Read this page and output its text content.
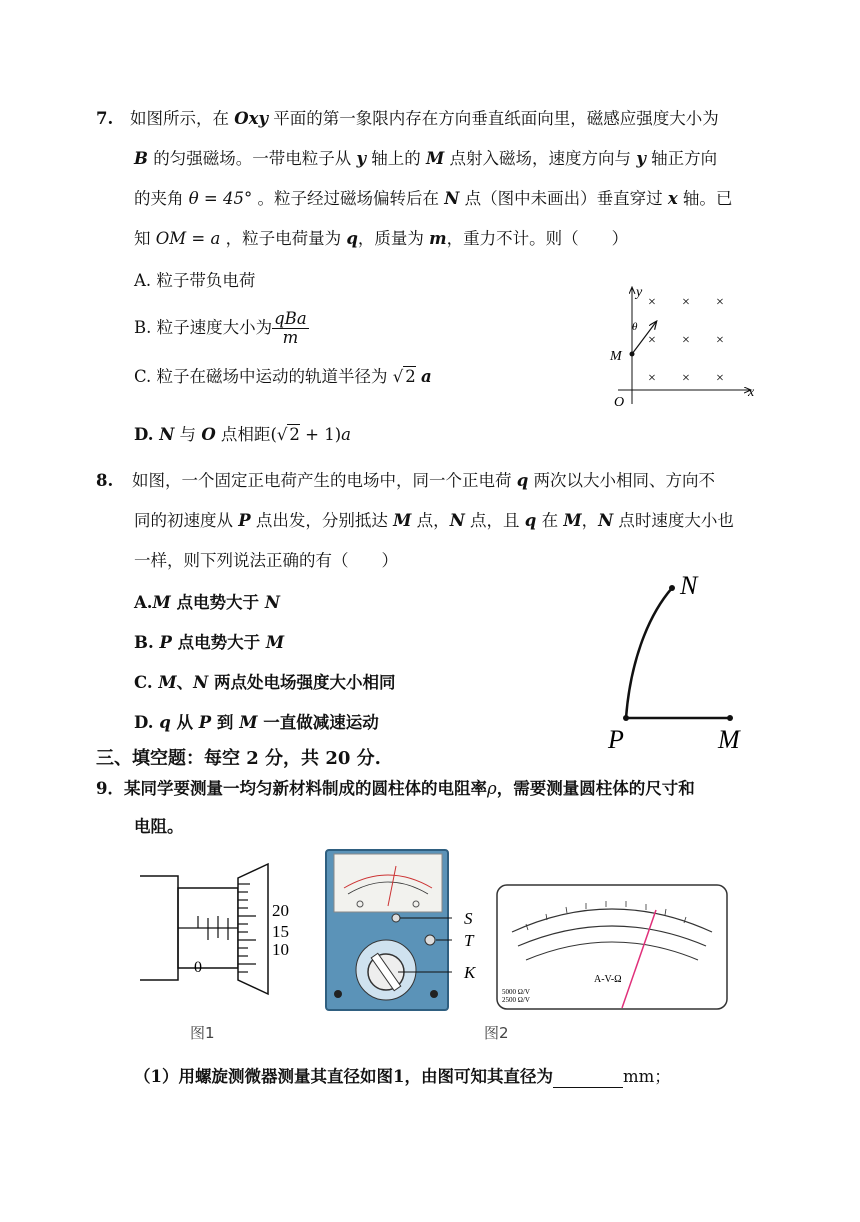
7. 如图所示，在 Oxy 平面的第一象限内存在方向垂直纸面向里，磁感应强度大小为
B 的匀强磁场。一带电粒子从 y 轴上的 M 点射入磁场，速度方向与 y 轴正方向
的夹角 θ = 45° 。粒子经过磁场偏转后在 N 点（图中未画出）垂直穿过 x 轴。已
知 OM = a ，粒子电荷量为 q，质量为 m，重力不计。则（　　）
A. 粒子带负电荷
B. 粒子速度大小为 $\frac{\text{qBa}}{m}$
C. 粒子在磁场中运动的轨道半径为 √ 2 a
D. N 与 O 点相距(√ 2 + 1)a
y
x
O
M
θ
× × ×
× × ×
× × ×
8. 如图，一个固定正电荷产生的电场中，同一个正电荷 q 两次以大小相同、方向不
同的初速度从 P 点出发，分别抵达 M 点，N 点，且 q 在 M，N 点时速度大小也
一样，则下列说法正确的有（　　）
A.M 点电势大于 N
B. P 点电势大于 M
C. M、N 两点处电场强度大小相同
D. q 从 P 到 M 一直做减速运动
N
P	M
三、填空题：每空 2 分，共 20 分.
9．某同学要测量一均匀新材料制成的圆柱体的电阻率ρ，需要测量圆柱体的尺寸和
电阻。
0
20
15
10
图1
S
T
K	A-V-Ω
5000 Ω/V
2500 Ω/V
图2
（1）用螺旋测微器测量其直径如图1，由图可知其直径为	mm；
